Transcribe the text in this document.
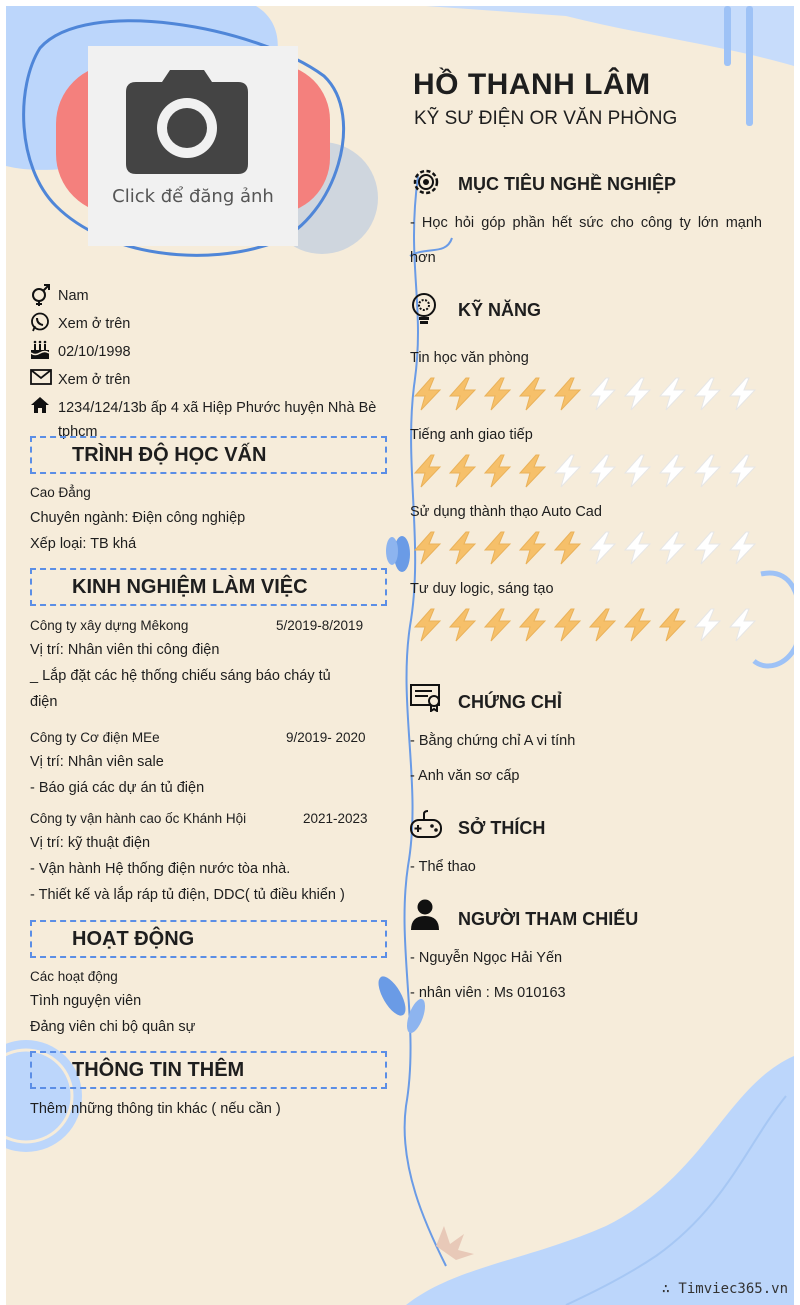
Click để đăng ảnh
HỒ THANH LÂM
KỸ SƯ ĐIỆN OR VĂN PHÒNG
Nam
Xem ở trên
02/10/1998
Xem ở trên
1234/124/13b ấp 4 xã Hiệp Phước huyện Nhà Bè
tphcm
TRÌNH ĐỘ HỌC VẤN
Cao Đẳng
Chuyên ngành: Điện công nghiệp
Xếp loại: TB khá
KINH NGHIỆM LÀM VIỆC
Công ty xây dựng Mêkong	5/2019-8/2019
Vị trí: Nhân viên thi công điện
_ Lắp đặt các hệ thống chiếu sáng báo cháy tủ
điện
Công ty Cơ điện MEe	9/2019- 2020
Vị trí: Nhân viên sale
- Báo giá các dự án tủ điện
Công ty vận hành cao ốc Khánh Hội	2021-2023
Vị trí: kỹ thuật điện
- Vận hành Hệ thống điện nước tòa nhà.
- Thiết kế và lắp ráp tủ điện, DDC( tủ điều khiển )
HOẠT ĐỘNG
Các hoạt động
Tình nguyện viên
Đảng viên chi bộ quân sự
THÔNG TIN THÊM
Thêm những thông tin khác ( nếu cần )
MỤC TIÊU NGHỀ NGHIỆP
- Học hỏi góp phần hết sức cho công ty lớn mạnh
hơn
KỸ NĂNG
Tin học văn phòng
Tiếng anh giao tiếp
Sử dụng thành thạo Auto Cad
Tư duy logic, sáng tạo
CHỨNG CHỈ
- Bằng chứng chỉ A vi tính
- Anh văn sơ cấp
SỞ THÍCH
- Thể thao
NGƯỜI THAM CHIẾU
- Nguyễn Ngọc Hải Yến
- nhân viên : Ms 010163
∴ Timviec365.vn
